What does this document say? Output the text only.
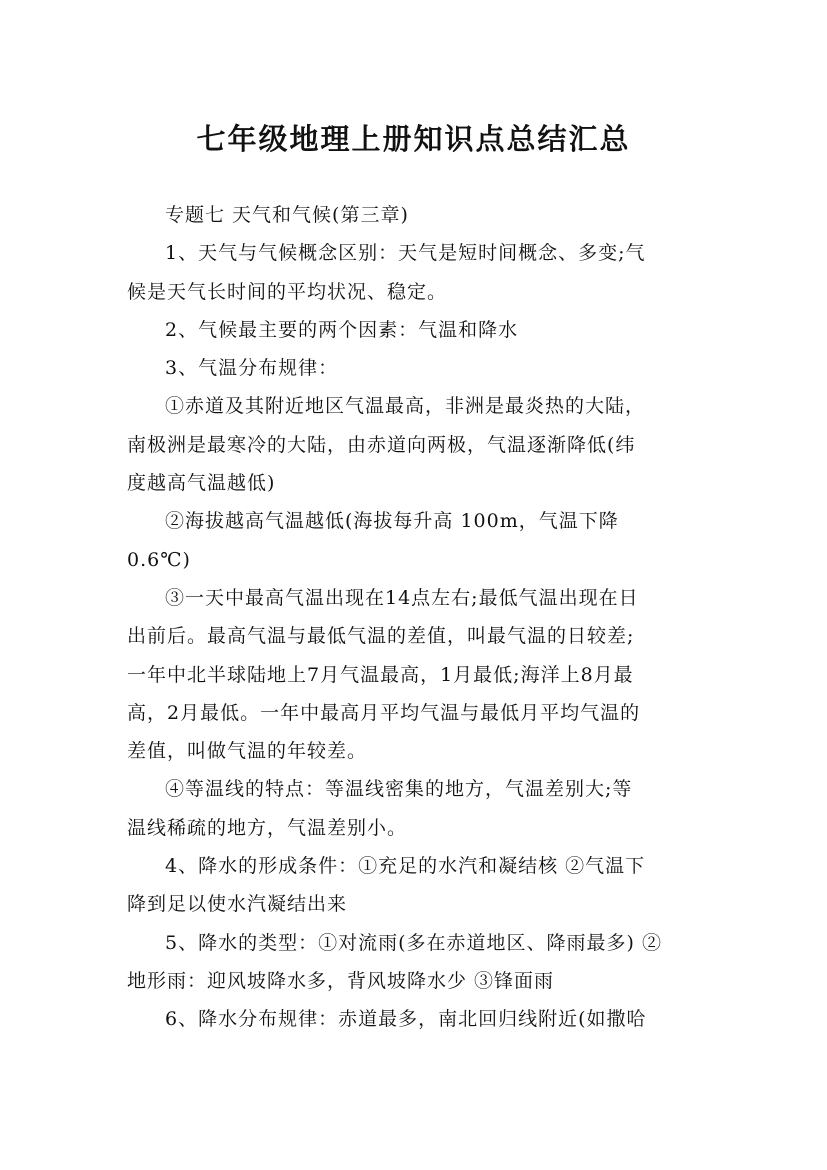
七年级地理上册知识点总结汇总

专题七 天气和气候(第三章)

1、天气与气候概念区别：天气是短时间概念、多变;气
候是天气长时间的平均状况、稳定。

2、气候最主要的两个因素：气温和降水

3、气温分布规律：

①赤道及其附近地区气温最高，非洲是最炎热的大陆，
南极洲是最寒冷的大陆，由赤道向两极，气温逐渐降低(纬
度越高气温越低)

②海拔越高气温越低(海拔每升高 100m，气温下降
0.6℃)

③一天中最高气温出现在14点左右;最低气温出现在日
出前后。最高气温与最低气温的差值，叫最气温的日较差;
一年中北半球陆地上7月气温最高，1月最低;海洋上8月最
高，2月最低。一年中最高月平均气温与最低月平均气温的
差值，叫做气温的年较差。

④等温线的特点：等温线密集的地方，气温差别大;等
温线稀疏的地方，气温差别小。

4、降水的形成条件：①充足的水汽和凝结核 ②气温下
降到足以使水汽凝结出来

5、降水的类型：①对流雨(多在赤道地区、降雨最多) ②
地形雨：迎风坡降水多，背风坡降水少 ③锋面雨

6、降水分布规律：赤道最多，南北回归线附近(如撒哈
